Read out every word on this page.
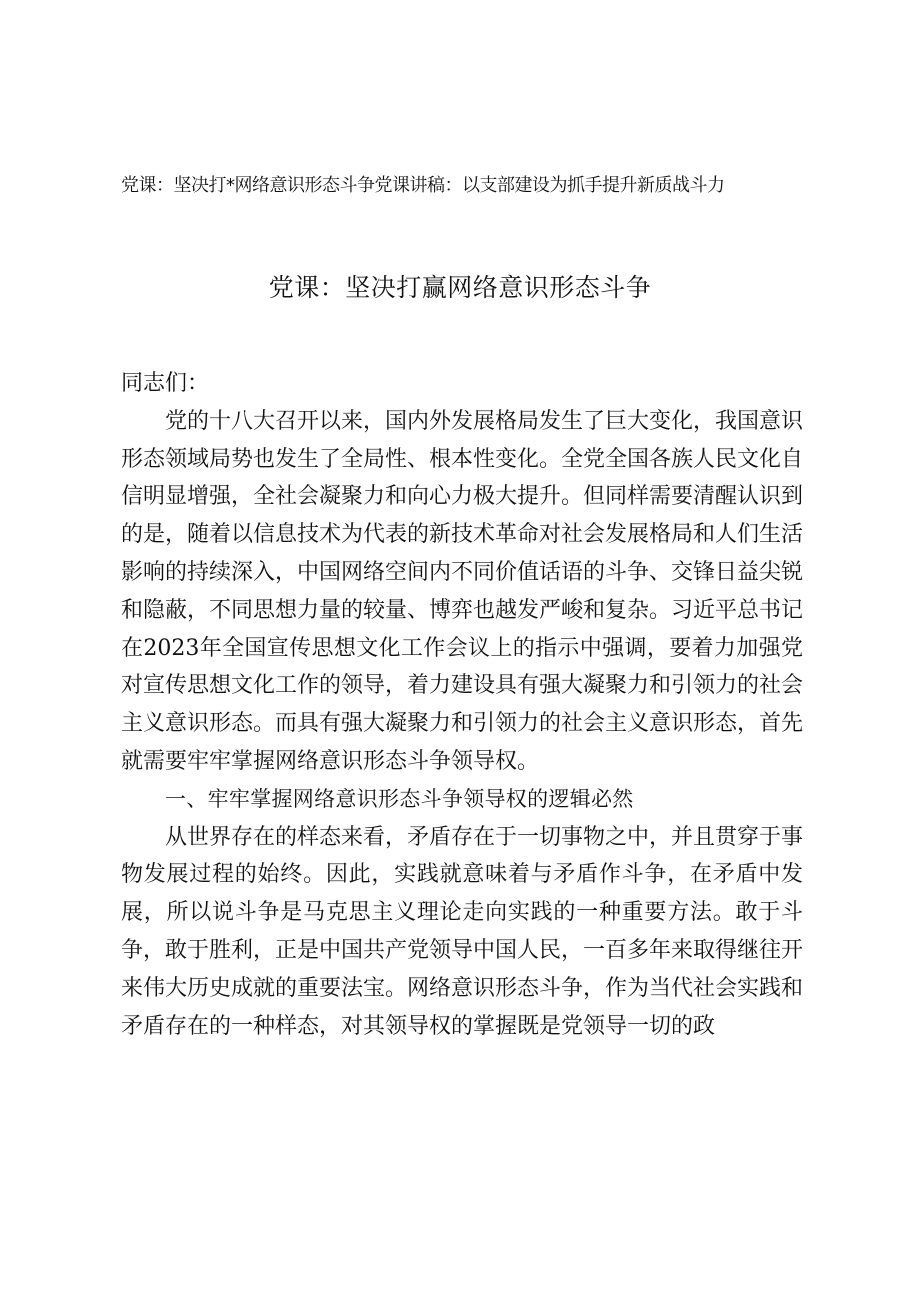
党课：坚决打*网络意识形态斗争党课讲稿：以支部建设为抓手提升新质战斗力
党课：坚决打赢网络意识形态斗争

同志们：

党的十八大召开以来，国内外发展格局发生了巨大变化，我国意识形态领域局势也发生了全局性、根本性变化。全党全国各族人民文化自信明显增强，全社会凝聚力和向心力极大提升。但同样需要清醒认识到的是，随着以信息技术为代表的新技术革命对社会发展格局和人们生活影响的持续深入，中国网络空间内不同价值话语的斗争、交锋日益尖锐和隐蔽，不同思想力量的较量、博弈也越发严峻和复杂。习近平总书记在2023年全国宣传思想文化工作会议上的指示中强调，要着力加强党对宣传思想文化工作的领导，着力建设具有强大凝聚力和引领力的社会主义意识形态。而具有强大凝聚力和引领力的社会主义意识形态，首先就需要牢牢掌握网络意识形态斗争领导权。

一、牢牢掌握网络意识形态斗争领导权的逻辑必然

从世界存在的样态来看，矛盾存在于一切事物之中，并且贯穿于事物发展过程的始终。因此，实践就意味着与矛盾作斗争，在矛盾中发展，所以说斗争是马克思主义理论走向实践的一种重要方法。敢于斗争，敢于胜利，正是中国共产党领导中国人民，一百多年来取得继往开来伟大历史成就的重要法宝。网络意识形态斗争，作为当代社会实践和矛盾存在的一种样态，对其领导权的掌握既是党领导一切的政
